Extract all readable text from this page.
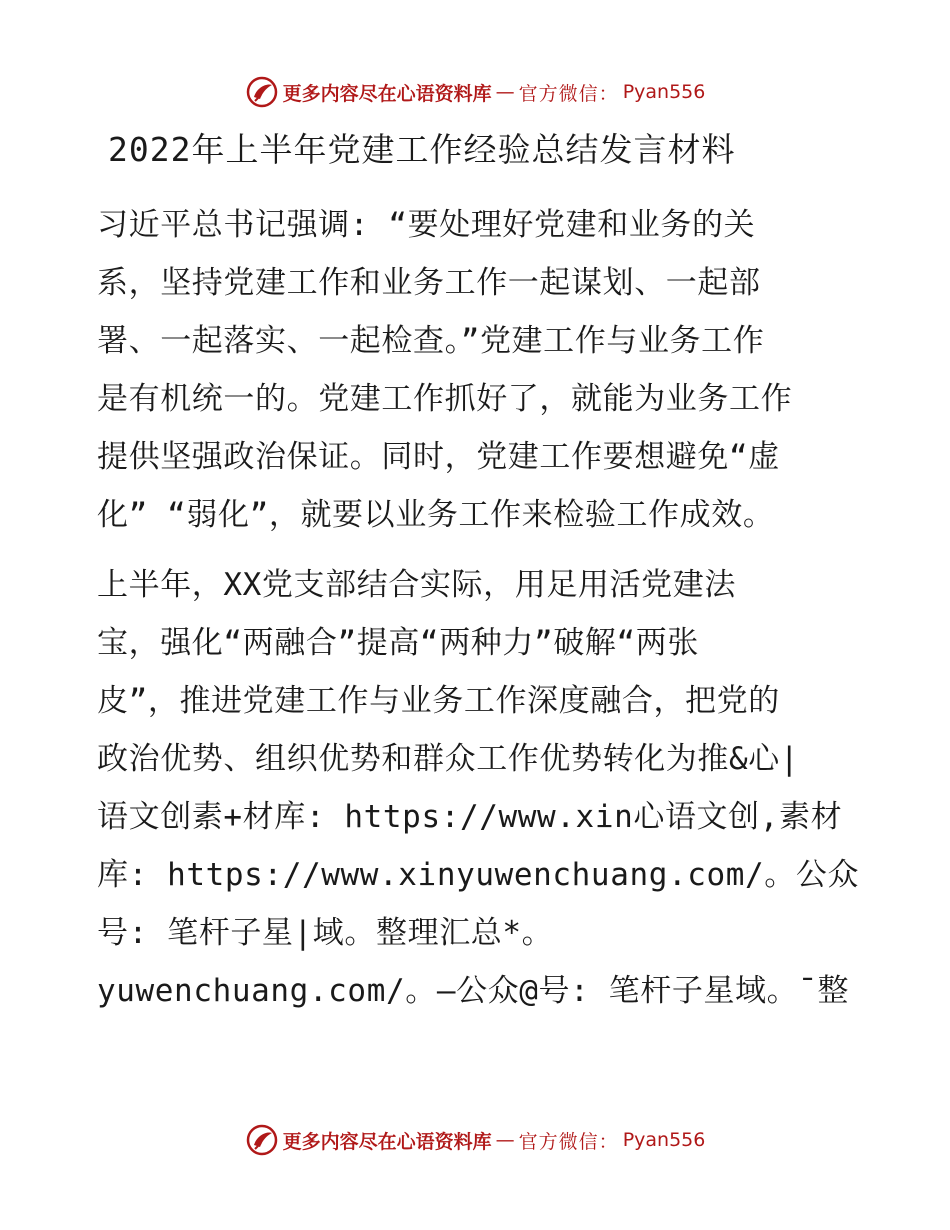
更多内容尽在心语资料库 — 官方微信： Pyan556
2022年上半年党建工作经验总结发言材料

习近平总书记强调: “要处理好党建和业务的关
系，坚持党建工作和业务工作一起谋划、一起部
署、一起落实、一起检查。”党建工作与业务工作
是有机统一的。党建工作抓好了，就能为业务工作
提供坚强政治保证。同时，党建工作要想避免“虚
化” “弱化”，就要以业务工作来检验工作成效。

上半年，XX党支部结合实际，用足用活党建法
宝，强化“两融合”提高“两种力”破解“两张
皮”，推进党建工作与业务工作深度融合，把党的
政治优势、组织优势和群众工作优势转化为推&心|
语文创素+材库: https://www.xin心语文创,素材
库: https://www.xinyuwenchuang.com/。公众
号: 笔杆子星|域。整理汇总*。
yuwenchuang.com/。—公众@号: 笔杆子星域。¯整

更多内容尽在心语资料库 — 官方微信： Pyan556
